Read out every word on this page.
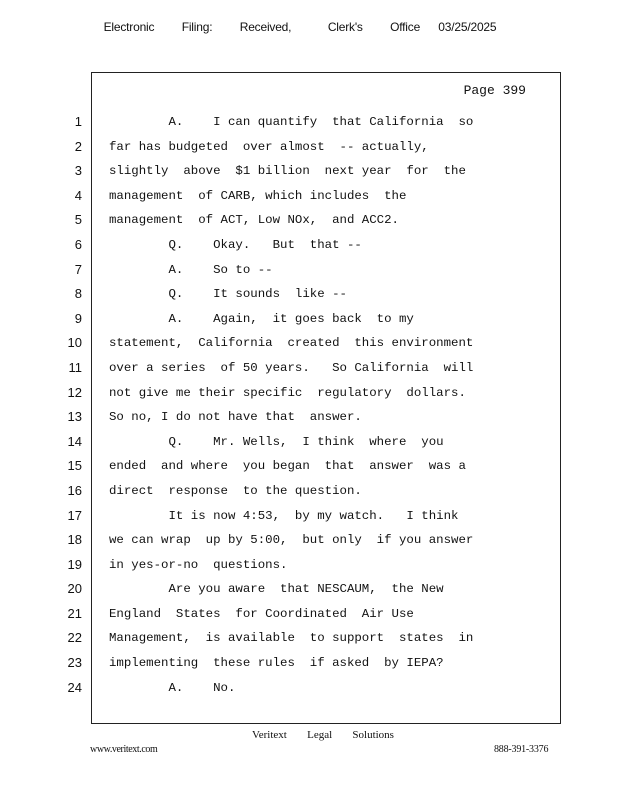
Electronic   Filing:   Received,    Clerk's   Office  03/25/2025
Page 399
1 A.    I can quantify  that California  so
2 far has budgeted  over almost  -- actually,
3 slightly  above  $1 billion  next year  for  the
4 management  of CARB, which includes  the
5 management  of ACT, Low NOx,  and ACC2.
6 Q.    Okay.   But  that --
7 A.    So to --
8 Q.    It sounds  like --
9 A.    Again,  it goes back  to my
10 statement,  California  created  this environment
11 over a series  of 50 years.   So California  will
12 not give me their specific  regulatory  dollars.
13 So no, I do not have that  answer.
14 Q.    Mr. Wells,  I think  where  you
15 ended  and where  you began  that  answer  was a
16 direct  response  to the question.
17 It is now 4:53,  by my watch.   I think
18 we can wrap  up by 5:00,  but only  if you answer
19 in yes-or-no  questions.
20 Are you aware  that NESCAUM,  the New
21 England  States  for Coordinated  Air Use
22 Management,  is available  to support  states  in
23 implementing  these rules  if asked  by IEPA?
24 A.    No.
Veritext   Legal   Solutions
www.veritext.com	888-391-3376
